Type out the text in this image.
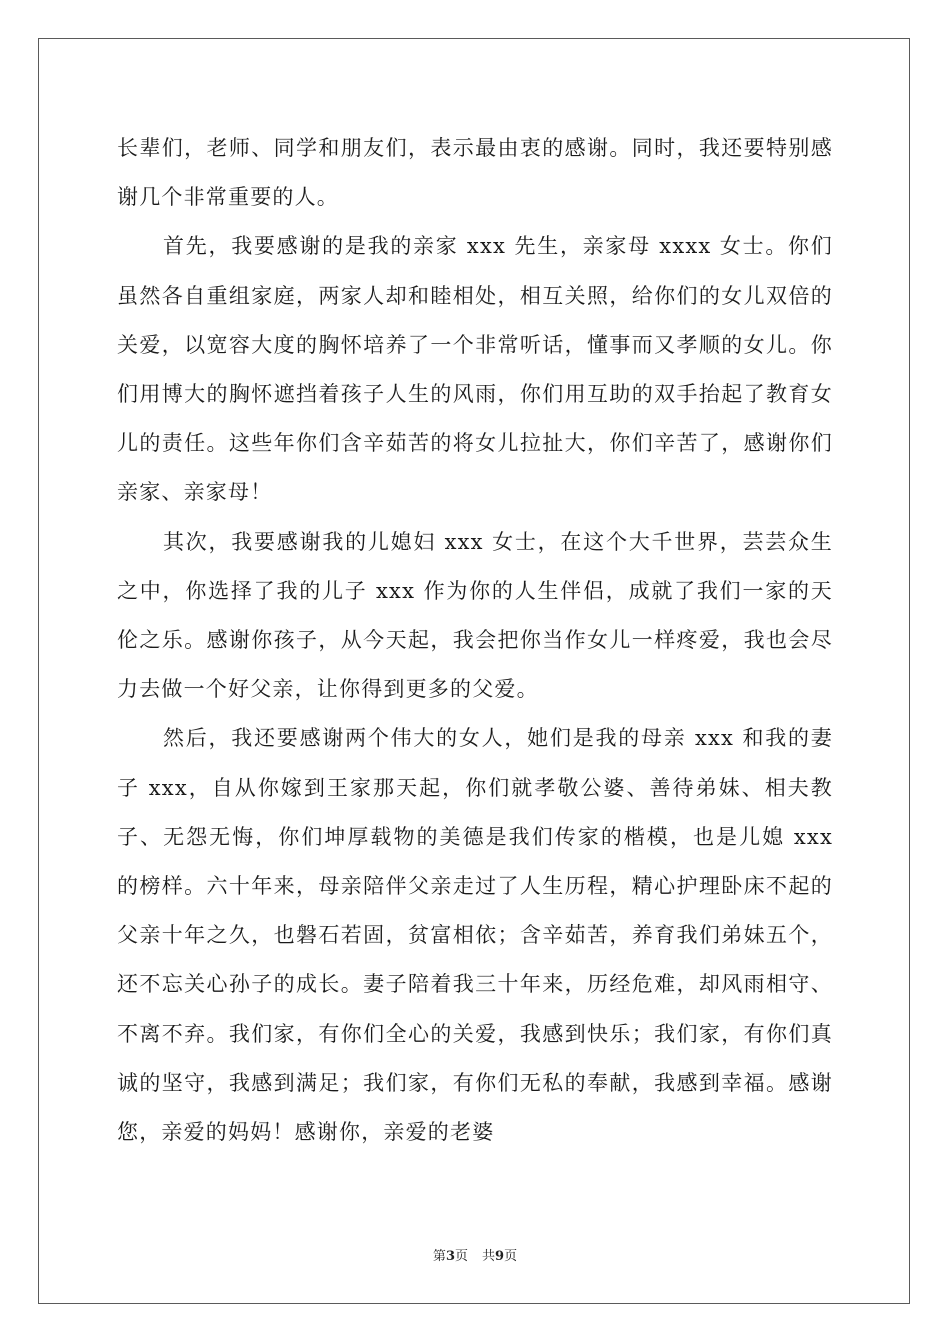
长辈们，老师、同学和朋友们，表示最由衷的感谢。同时，我还要特别感谢几个非常重要的人。

首先，我要感谢的是我的亲家 xxx 先生，亲家母 xxxx 女士。你们虽然各自重组家庭，两家人却和睦相处，相互关照，给你们的女儿双倍的关爱，以宽容大度的胸怀培养了一个非常听话，懂事而又孝顺的女儿。你们用博大的胸怀遮挡着孩子人生的风雨，你们用互助的双手抬起了教育女儿的责任。这些年你们含辛茹苦的将女儿拉扯大，你们辛苦了，感谢你们亲家、亲家母！

其次，我要感谢我的儿媳妇 xxx 女士，在这个大千世界，芸芸众生之中，你选择了我的儿子 xxx 作为你的人生伴侣，成就了我们一家的天伦之乐。感谢你孩子，从今天起，我会把你当作女儿一样疼爱，我也会尽力去做一个好父亲，让你得到更多的父爱。

然后，我还要感谢两个伟大的女人，她们是我的母亲 xxx 和我的妻子 xxx，自从你嫁到王家那天起，你们就孝敬公婆、善待弟妹、相夫教子、无怨无悔，你们坤厚载物的美德是我们传家的楷模，也是儿媳 xxx 的榜样。六十年来，母亲陪伴父亲走过了人生历程，精心护理卧床不起的父亲十年之久，也磐石若固，贫富相依；含辛茹苦，养育我们弟妹五个，还不忘关心孙子的成长。妻子陪着我三十年来，历经危难，却风雨相守、不离不弃。我们家，有你们全心的关爱，我感到快乐；我们家，有你们真诚的坚守，我感到满足；我们家，有你们无私的奉献，我感到幸福。感谢您，亲爱的妈妈！感谢你，亲爱的老婆

第3页 共9页
